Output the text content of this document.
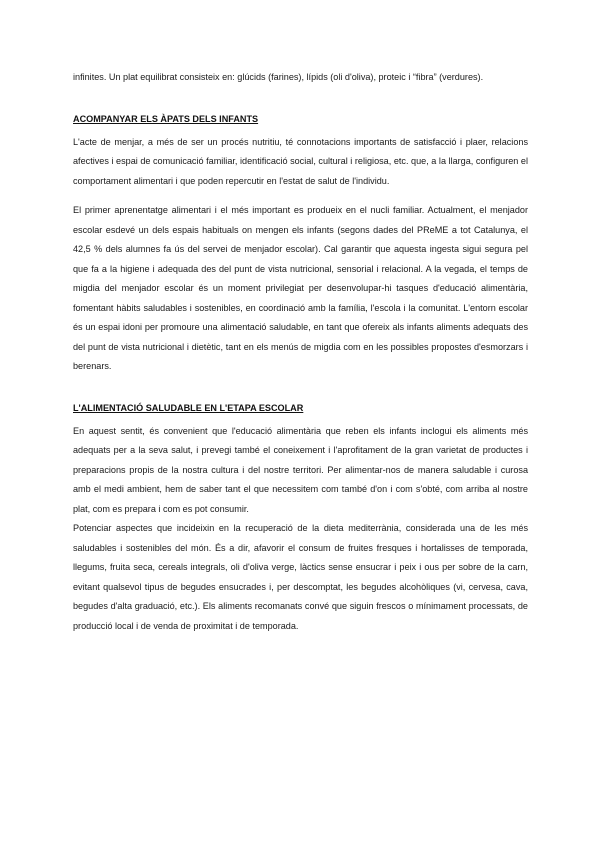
infinites. Un plat equilibrat consisteix en: glúcids (farines), lípids (oli d'oliva), proteic i “fibra” (verdures).

ACOMPANYAR ELS ÀPATS DELS INFANTS

L'acte de menjar, a més de ser un procés nutritiu, té connotacions importants de satisfacció i plaer, relacions afectives i espai de comunicació familiar, identificació social, cultural i religiosa, etc. que, a la llarga, configuren el comportament alimentari i que poden repercutir en l'estat de salut de l'individu.

El primer aprenentatge alimentari i el més important es produeix en el nucli familiar. Actualment, el menjador escolar esdevé un dels espais habituals on mengen els infants (segons dades del PReME a tot Catalunya, el 42,5 % dels alumnes fa ús del servei de menjador escolar). Cal garantir que aquesta ingesta sigui segura pel que fa a la higiene i adequada des del punt de vista nutricional, sensorial i relacional. A la vegada, el temps de migdia del menjador escolar és un moment privilegiat per desenvolupar-hi tasques d'educació alimentària, fomentant hàbits saludables i sostenibles, en coordinació amb la família, l'escola i la comunitat. L'entorn escolar és un espai idoni per promoure una alimentació saludable, en tant que ofereix als infants aliments adequats des del punt de vista nutricional i dietètic, tant en els menús de migdia com en les possibles propostes d'esmorzars i berenars.

L'ALIMENTACIÓ SALUDABLE EN L'ETAPA ESCOLAR

En aquest sentit, és convenient que l'educació alimentària que reben els infants inclogui els aliments més adequats per a la seva salut, i prevegi també el coneixement i l'aprofitament de la gran varietat de productes i preparacions propis de la nostra cultura i del nostre territori. Per alimentar-nos de manera saludable i curosa amb el medi ambient, hem de saber tant el que necessitem com també d'on i com s'obté, com arriba al nostre plat, com es prepara i com es pot consumir.

Potenciar aspectes que incideixin en la recuperació de la dieta mediterrània, considerada una de les més saludables i sostenibles del món. És a dir, afavorir el consum de fruites fresques i hortalisses de temporada, llegums, fruita seca, cereals integrals, oli d'oliva verge, làctics sense ensucrar i peix i ous per sobre de la carn, evitant qualsevol tipus de begudes ensucrades i, per descomptat, les begudes alcohòliques (vi, cervesa, cava, begudes d'alta graduació, etc.). Els aliments recomanats convé que siguin frescos o mínimament processats, de producció local i de venda de proximitat i de temporada.
